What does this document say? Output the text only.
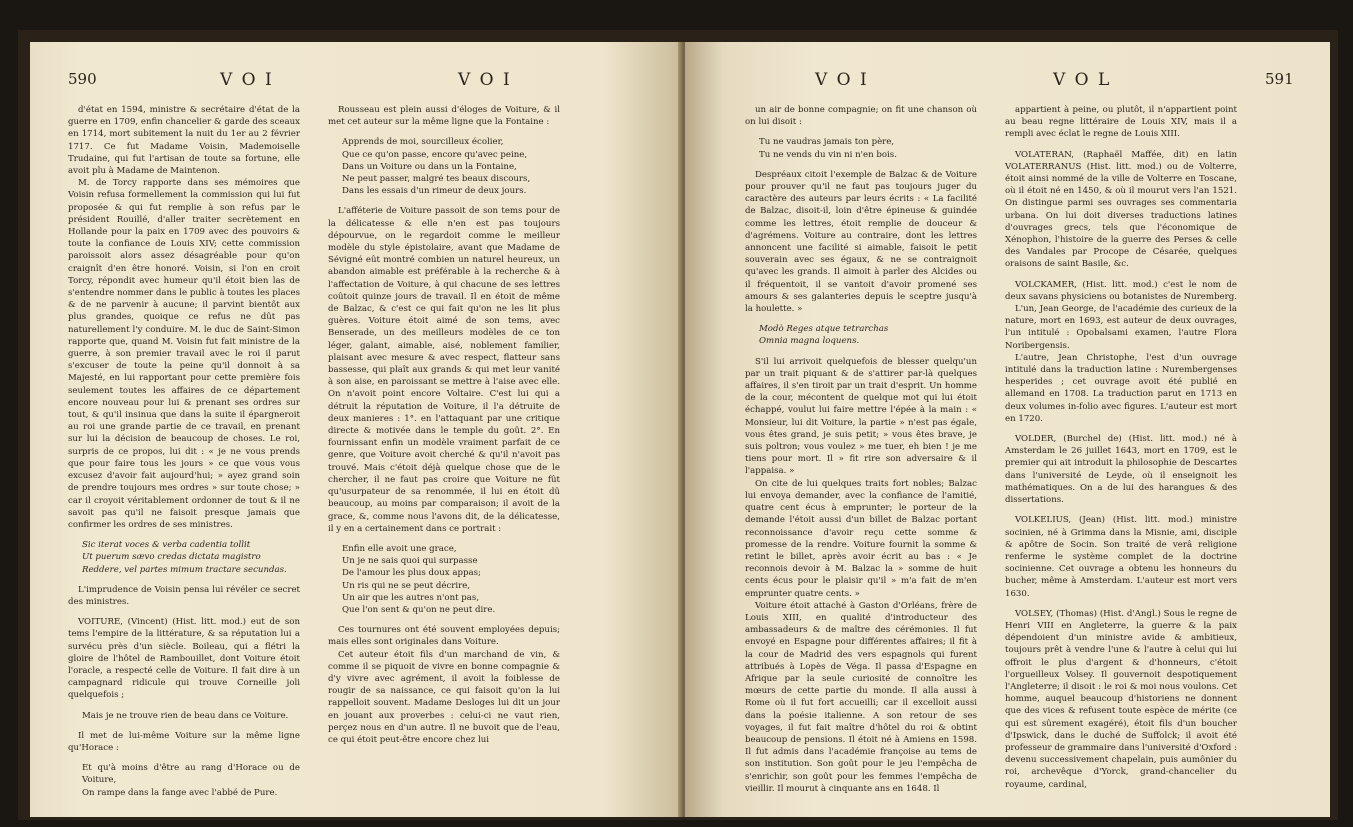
590	V O I	V O I

d'état en 1594, ministre & secrétaire d'état de la guerre en 1709, enfin chancelier & garde des sceaux en 1714, mort subitement la nuit du 1er au 2 février 1717. Ce fut Madame Voisin, Mademoiselle Trudaine, qui fut l'artisan de toute sa fortune, elle avoit plu à Madame de Maintenon.

M. de Torcy rapporte dans ses mémoires que Voisin refusa formellement la commission qui lui fut proposée & qui fut remplie à son refus par le président Rouillé, d'aller traiter secrètement en Hollande pour la paix en 1709 avec des pouvoirs & toute la confiance de Louis XIV; cette commission paroissoit alors assez désagréable pour qu'on craignît d'en être honoré. Voisin, si l'on en croit Torcy, répondit avec humeur qu'il étoit bien las de s'entendre nommer dans le public à toutes les places & de ne parvenir à aucune; il parvint bientôt aux plus grandes, quoique ce refus ne dût pas naturellement l'y conduire. M. le duc de Saint-Simon rapporte que, quand M. Voisin fut fait ministre de la guerre, à son premier travail avec le roi il parut s'excuser de toute la peine qu'il donnoit à sa Majesté, en lui rapportant pour cette première fois seulement toutes les affaires de ce département encore nouveau pour lui & prenant ses ordres sur tout, & qu'il insinua que dans la suite il épargneroit au roi une grande partie de ce travail, en prenant sur lui la décision de beaucoup de choses. Le roi, surpris de ce propos, lui dit : « je ne vous prends que pour faire tous les jours » ce que vous vous excusez d'avoir fait aujourd'hui; » ayez grand soin de prendre toujours mes ordres » sur toute chose; » car il croyoit véritablement ordonner de tout & il ne savoit pas qu'il ne faisoit presque jamais que confirmer les ordres de ses ministres.

Sic iterat voces & verba cadentia tollit

Ut puerum sævo credas dictata magistro

Reddere, vel partes mimum tractare secundas.

L'imprudence de Voisin pensa lui révéler ce secret des ministres.

VOITURE, (Vincent) (Hist. litt. mod.) eut de son tems l'empire de la littérature, & sa réputation lui a survécu près d'un siècle. Boileau, qui a flétri la gloire de l'hôtel de Rambouillet, dont Voiture étoit l'oracle, a respecté celle de Voiture. Il fait dire à un campagnard ridicule qui trouve Corneille joli quelquefois ;

Mais je ne trouve rien de beau dans ce Voiture.

Il met de lui-même Voiture sur la même ligne qu'Horace :

Et qu'à moins d'être au rang d'Horace ou de Voiture,

On rampe dans la fange avec l'abbé de Pure.

Rousseau est plein aussi d'éloges de Voiture, & il met cet auteur sur la même ligne que la Fontaine :

Apprends de moi, sourcilleux écolier,

Que ce qu'on passe, encore qu'avec peine,

Dans un Voiture ou dans un la Fontaine,

Ne peut passer, malgré tes beaux discours,

Dans les essais d'un rimeur de deux jours.

L'afféterie de Voiture passoit de son tems pour de la délicatesse & elle n'en est pas toujours dépourvue, on le regardoit comme le meilleur modèle du style épistolaire, avant que Madame de Sévigné eût montré combien un naturel heureux, un abandon aimable est préférable à la recherche & à l'affectation de Voiture, à qui chacune de ses lettres coûtoit quinze jours de travail. Il en étoit de même de Balzac, & c'est ce qui fait qu'on ne les lit plus guères. Voiture étoit aimé de son tems, avec Benserade, un des meilleurs modèles de ce ton léger, galant, aimable, aisé, noblement familier, plaisant avec mesure & avec respect, flatteur sans bassesse, qui plaît aux grands & qui met leur vanité à son aise, en paroissant se mettre à l'aise avec elle. On n'avoit point encore Voltaire. C'est lui qui a détruit la réputation de Voiture, il l'a détruite de deux manieres : 1°. en l'attaquant par une critique directe & motivée dans le temple du goût. 2°. En fournissant enfin un modèle vraiment parfait de ce genre, que Voiture avoit cherché & qu'il n'avoit pas trouvé. Mais c'étoit déjà quelque chose que de le chercher, il ne faut pas croire que Voiture ne fût qu'usurpateur de sa renommée, il lui en étoit dû beaucoup, au moins par comparaison; il avoit de la grace, &, comme nous l'avons dit, de la délicatesse, il y en a certainement dans ce portrait :

Enfin elle avoit une grace,

Un je ne sais quoi qui surpasse

De l'amour les plus doux appas;

Un ris qui ne se peut décrire,

Un air que les autres n'ont pas,

Que l'on sent & qu'on ne peut dire.

Ces tournures ont été souvent employées depuis; mais elles sont originales dans Voiture.

Cet auteur étoit fils d'un marchand de vin, & comme il se piquoit de vivre en bonne compagnie & d'y vivre avec agrément, il avoit la foiblesse de rougir de sa naissance, ce qui faisoit qu'on la lui rappelloit souvent. Madame Desloges lui dit un jour en jouant aux proverbes : celui-ci ne vaut rien, perçez nous en d'un autre. Il ne buvoit que de l'eau, ce qui étoit peut-être encore chez lui

V O I	V O L	591

un air de bonne compagnie; on fit une chanson où on lui disoit :

Tu ne vaudras jamais ton père,

Tu ne vends du vin ni n'en bois.

Despréaux citoit l'exemple de Balzac & de Voiture pour prouver qu'il ne faut pas toujours juger du caractère des auteurs par leurs écrits : « La facilité de Balzac, disoit-il, loin d'être épineuse & guindée comme les lettres, étoit remplie de douceur & d'agrémens. Voiture au contraire, dont les lettres annoncent une facilité si aimable, faisoit le petit souverain avec ses égaux, & ne se contraignoit qu'avec les grands. Il aimoit à parler des Alcides ou il fréquentoit, il se vantoit d'avoir promené ses amours & ses galanteries depuis le sceptre jusqu'à la houlette. »

Modò Reges atque tetrarchas

Omnia magna loquens.

S'il lui arrivoit quelquefois de blesser quelqu'un par un trait piquant & de s'attirer par-là quelques affaires, il s'en tiroit par un trait d'esprit. Un homme de la cour, mécontent de quelque mot qui lui étoit échappé, voulut lui faire mettre l'épée à la main : « Monsieur, lui dit Voiture, la partie » n'est pas égale, vous êtes grand, je suis petit; » vous êtes brave, je suis poltron; vous voulez » me tuer, eh bien ! je me tiens pour mort. Il » fit rire son adversaire & il l'appaisa. »

On cite de lui quelques traits fort nobles; Balzac lui envoya demander, avec la confiance de l'amitié, quatre cent écus à emprunter; le porteur de la demande l'étoit aussi d'un billet de Balzac portant reconnoissance d'avoir reçu cette somme & promesse de la rendre. Voiture fournit la somme & retint le billet, après avoir écrit au bas : « Je reconnois devoir à M. Balzac la » somme de huit cents écus pour le plaisir qu'il » m'a fait de m'en emprunter quatre cents. »

Voiture étoit attaché à Gaston d'Orléans, frère de Louis XIII, en qualité d'introducteur des ambassadeurs & de maître des cérémonies. Il fut envoyé en Espagne pour différentes affaires; il fit à la cour de Madrid des vers espagnols qui furent attribués à Lopès de Véga. Il passa d'Espagne en Afrique par la seule curiosité de connoître les mœurs de cette partie du monde. Il alla aussi à Rome où il fut fort accueilli; car il excelloit aussi dans la poésie italienne. A son retour de ses voyages, il fut fait maître d'hôtel du roi & obtint beaucoup de pensions. Il étoit né à Amiens en 1598. Il fut admis dans l'académie françoise au tems de son institution. Son goût pour le jeu l'empêcha de s'enrichir, son goût pour les femmes l'empêcha de vieillir. Il mourut à cinquante ans en 1648. Il

appartient à peine, ou plutôt, il n'appartient point au beau regne littéraire de Louis XIV, mais il a rempli avec éclat le regne de Louis XIII.

VOLATERAN, (Raphaël Maffée, dit) en latin VOLATERRANUS (Hist. litt. mod.) ou de Volterre, étoit ainsi nommé de la ville de Volterre en Toscane, où il étoit né en 1450, & où il mourut vers l'an 1521. On distingue parmi ses ouvrages ses commentaria urbana. On lui doit diverses traductions latines d'ouvrages grecs, tels que l'économique de Xénophon, l'histoire de la guerre des Perses & celle des Vandales par Procope de Césarée, quelques oraisons de saint Basile, &c.

VOLCKAMER, (Hist. litt. mod.) c'est le nom de deux savans physiciens ou botanistes de Nuremberg.

L'un, Jean George, de l'académie des curieux de la nature, mort en 1693, est auteur de deux ouvrages, l'un intitulé : Opobalsami examen, l'autre Flora Noribergensis.

L'autre, Jean Christophe, l'est d'un ouvrage intitulé dans la traduction latine : Nurembergenses hesperides ; cet ouvrage avoit été publié en allemand en 1708. La traduction parut en 1713 en deux volumes in-folio avec figures. L'auteur est mort en 1720.

VOLDER, (Burchel de) (Hist. litt. mod.) né à Amsterdam le 26 juillet 1643, mort en 1709, est le premier qui ait introduit la philosophie de Descartes dans l'université de Leyde, où il enseignoit les mathématiques. On a de lui des harangues & des dissertations.

VOLKELIUS, (Jean) (Hist. litt. mod.) ministre socinien, né à Grimma dans la Misnie, ami, disciple & apôtre de Socin. Son traité de verâ religione renferme le système complet de la doctrine socinienne. Cet ouvrage a obtenu les honneurs du bucher, même à Amsterdam. L'auteur est mort vers 1630.

VOLSEY, (Thomas) (Hist. d'Angl.) Sous le regne de Henri VIII en Angleterre, la guerre & la paix dépendoient d'un ministre avide & ambitieux, toujours prêt à vendre l'une & l'autre à celui qui lui offroit le plus d'argent & d'honneurs, c'étoit l'orgueilleux Volsey. Il gouvernoit despotiquement l'Angleterre; il disoit : le roi & moi nous voulons. Cet homme, auquel beaucoup d'historiens ne donnent que des vices & refusent toute espèce de mérite (ce qui est sûrement exagéré), étoit fils d'un boucher d'Ipswick, dans le duché de Suffolck; il avoit été professeur de grammaire dans l'université d'Oxford : devenu successivement chapelain, puis aumônier du roi, archevêque d'Yorck, grand-chancelier du royaume, cardinal,
